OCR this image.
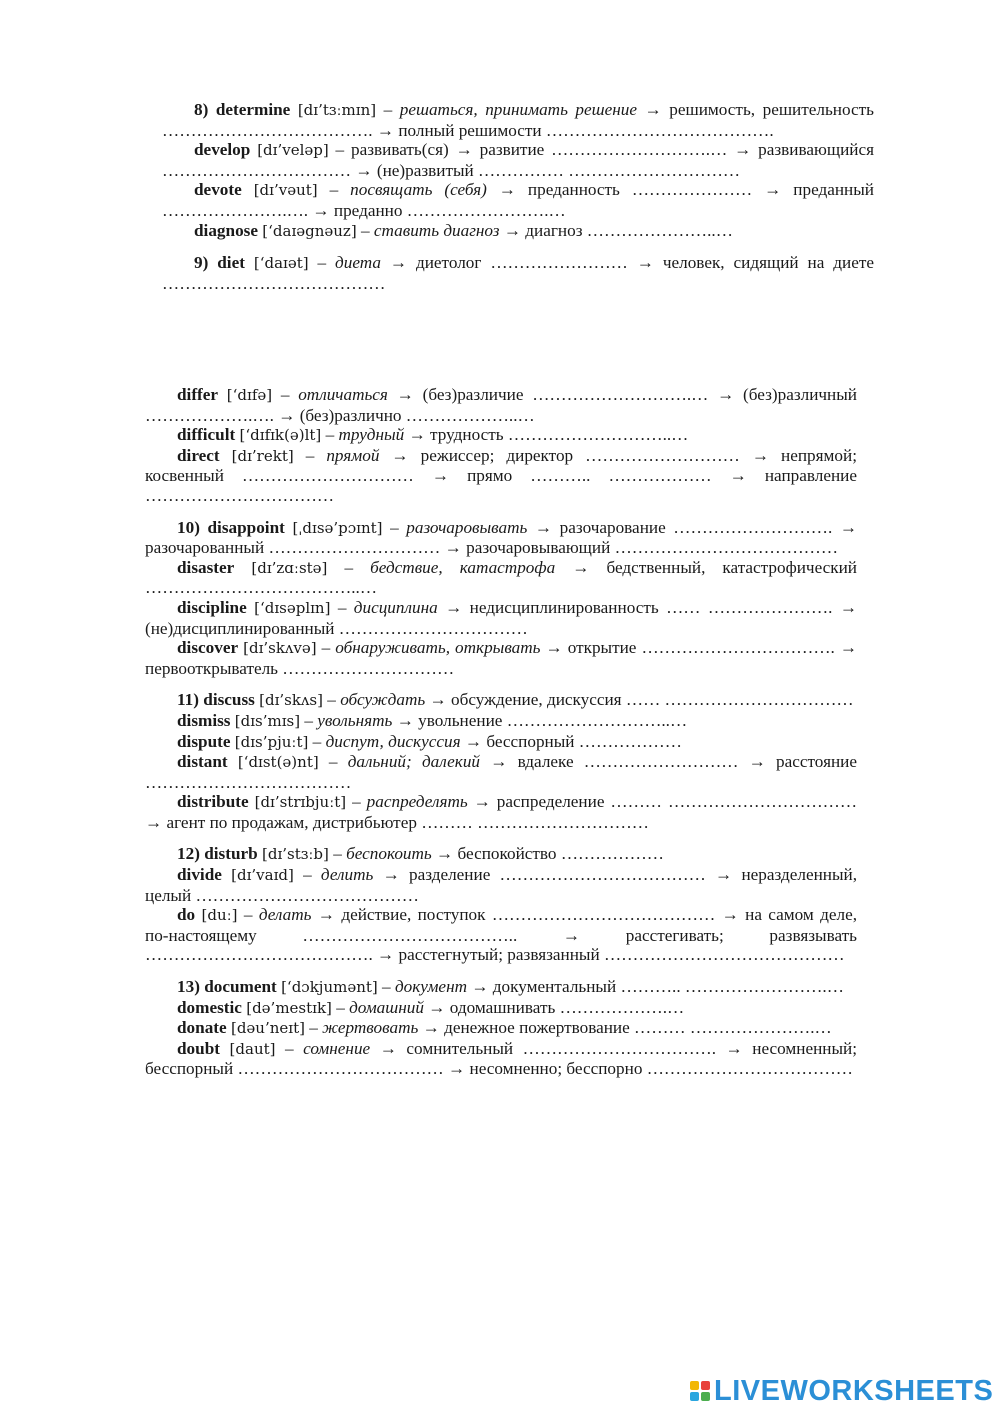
8) determine [dɪ’tɜːmɪn] – решаться, принимать решение → решимость, решительность ………………………………. → полный решимости ………………………………….

develop [dɪ’veləp] – развивать(ся) → развитие ……………………….… → развивающийся …………………………… → (не)развитый …………… …………………………

devote [dɪ’vəut] – посвящать (себя) → преданность ………………… → преданный ………………….…. → преданно …………………….…

diagnose [‘daɪəgnəuz] – ставить диагноз → диагноз …………………..…

9) diet [‘daɪət] – диета → диетолог …………………… → человек, сидящий на диете …………………………………

differ [‘dɪfə] – отличаться → (без)различие ……………………….… → (без)различный ……………….…. → (без)различно ………………..…

difficult [‘dɪfɪk(ə)lt] – трудный → трудность ………………………..…

direct [dɪ’rekt] – прямой → режиссер; директор ……………………… → непрямой; косвенный ………………………… → прямо ……….. ……………… → направление ……………………………

10) disappoint [ˌdɪsə’pɔɪnt] – разочаровывать → разочарование ………………………. → разочарованный ………………………… → разочаровывающий …………………………………

disaster [dɪ’zɑːstə] – бедствие, катастрофа → бедственный, катастрофический ………………………………..…

discipline [‘dɪsəplɪn] – дисциплина → недисциплинированность …… …………………. → (не)дисциплинированный ……………………………

discover [dɪ’skʌvə] – обнаруживать, открывать → открытие ……………………………. → первооткрыватель …………………………

11) discuss [dɪ’skʌs] – обсуждать → обсуждение, дискуссия …… ……………………………

dismiss [dɪs’mɪs] – увольнять → увольнение ………………………..…

dispute [dɪs’pjuːt] – диспут, дискуссия → бесспорный ………………

distant [‘dɪst(ə)nt] – дальний; далекий → вдалеке ……………………… → расстояние ………………………………

distribute [dɪ’strɪbjuːt] – распределять → распределение ……… …………………………… → агент по продажам, дистрибьютер ……… …………………………

12) disturb [dɪ’stɜːb] – беспокоить → беспокойство ………………

divide [dɪ’vaɪd] – делить → разделение ……………………………… → неразделенный, целый …………………………………

do [duː] – делать → действие, поступок ………………………………… → на самом деле, по-настоящему ……………………………….. → расстегивать; развязывать …………………………………. → расстегнутый; развязанный ……………………………………

13) document [‘dɔkjumənt] – документ → документальный ……….. …………………….…

domestic [də’mestɪk] – домашний → одомашнивать ……………….…

donate [dəu’neɪt] – жертвовать → денежное пожертвование ……… ………………….…

doubt [daut] – сомнение → сомнительный ……………………………. → несомненный; бесспорный ……………………………… → несомненно; бесспорно ………………………………

LIVEWORKSHEETS
